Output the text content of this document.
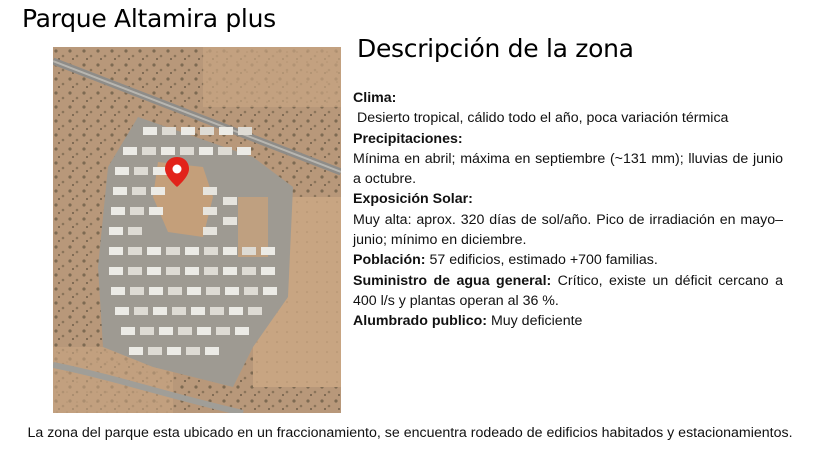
Parque Altamira plus
Descripción de la zona

Clima:

Desierto tropical, cálido todo el año, poca variación térmica

Precipitaciones:

Mínima en abril; máxima en septiembre (~131 mm); lluvias de junio a octubre.

Exposición Solar:

Muy alta: aprox. 320 días de sol/año. Pico de irradiación en mayo–junio; mínimo en diciembre.

Población: 57 edificios, estimado +700 familias.

Suministro de agua general: Crítico, existe un déficit cercano a 400 l/s y plantas operan al 36 %.

Alumbrado publico: Muy deficiente

La zona del parque esta ubicado en un fraccionamiento, se encuentra rodeado de edificios habitados y estacionamientos.
